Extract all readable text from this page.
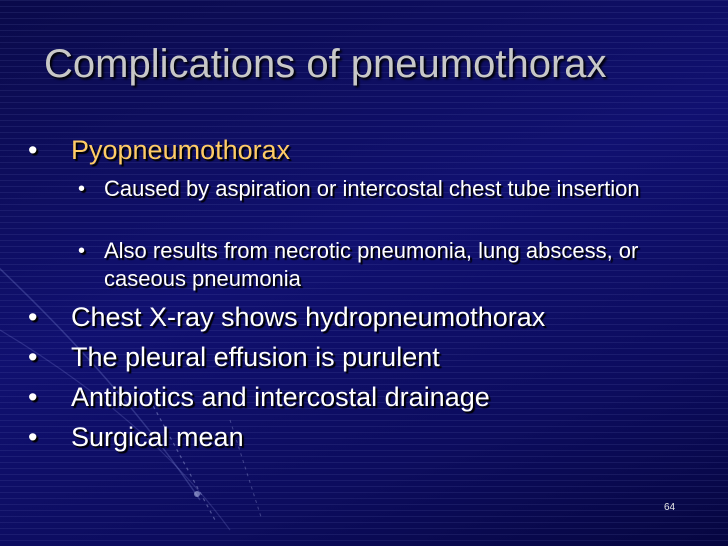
Complications of pneumothorax
• Pyopneumothorax
• Caused by aspiration or intercostal chest tube insertion
• Also results from necrotic pneumonia, lung abscess, or caseous pneumonia
• Chest X-ray shows hydropneumothorax
• The pleural effusion is purulent
• Antibiotics and intercostal drainage
• Surgical mean
64
